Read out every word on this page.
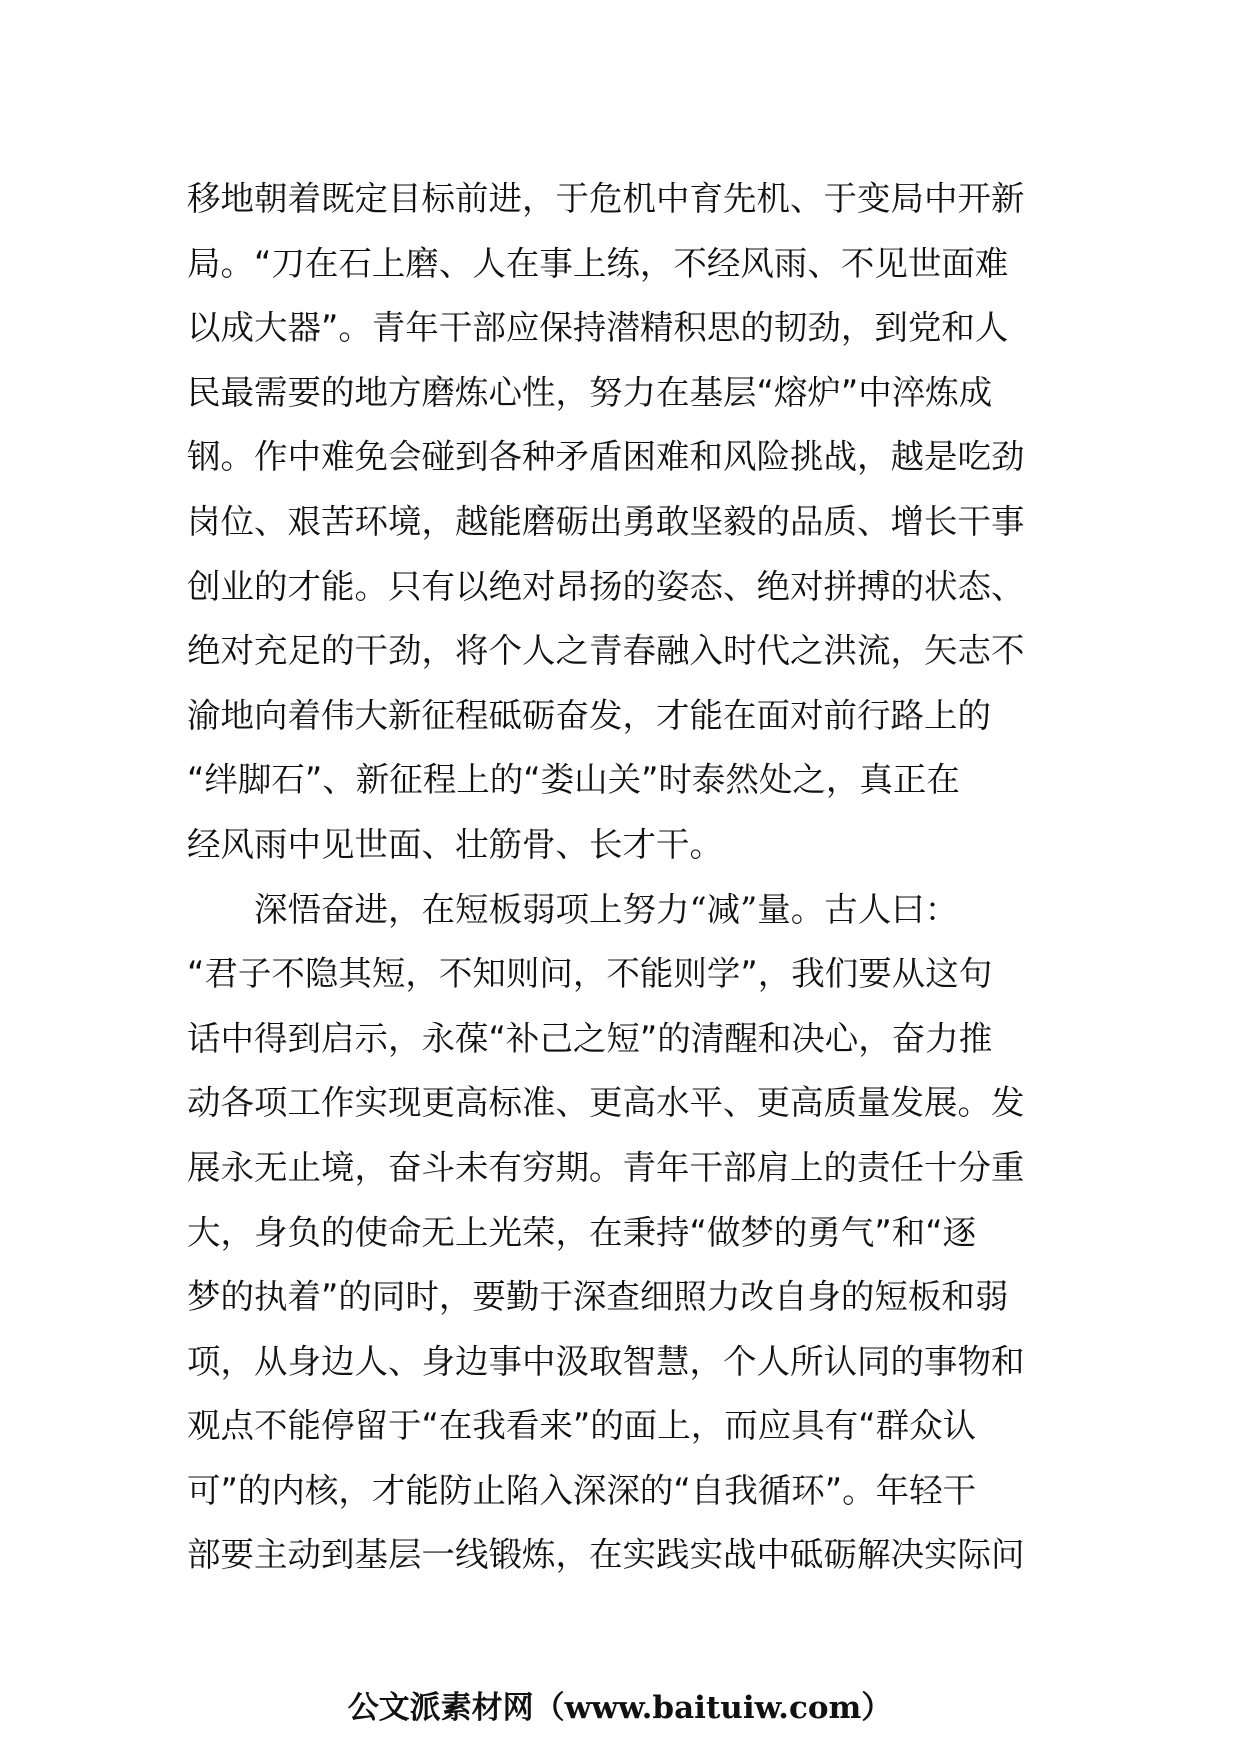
移地朝着既定目标前进，于危机中育先机、于变局中开新
局。“刀在石上磨、人在事上练，不经风雨、不见世面难
以成大器”。青年干部应保持潜精积思的韧劲，到党和人
民最需要的地方磨炼心性，努力在基层“熔炉”中淬炼成
钢。作中难免会碰到各种矛盾困难和风险挑战，越是吃劲
岗位、艰苦环境，越能磨砺出勇敢坚毅的品质、增长干事
创业的才能。只有以绝对昂扬的姿态、绝对拼搏的状态、
绝对充足的干劲，将个人之青春融入时代之洪流，矢志不
渝地向着伟大新征程砥砺奋发，才能在面对前行路上的
“绊脚石”、新征程上的“娄山关”时泰然处之，真正在
经风雨中见世面、壮筋骨、长才干。
深悟奋进，在短板弱项上努力“减”量。古人曰：
“君子不隐其短，不知则问，不能则学”，我们要从这句
话中得到启示，永葆“补己之短”的清醒和决心，奋力推
动各项工作实现更高标准、更高水平、更高质量发展。发
展永无止境，奋斗未有穷期。青年干部肩上的责任十分重
大，身负的使命无上光荣，在秉持“做梦的勇气”和“逐
梦的执着”的同时，要勤于深查细照力改自身的短板和弱
项，从身边人、身边事中汲取智慧，个人所认同的事物和
观点不能停留于“在我看来”的面上，而应具有“群众认
可”的内核，才能防止陷入深深的“自我循环”。年轻干
部要主动到基层一线锻炼，在实践实战中砥砺解决实际问
公文派素材网（www.baituiw.com）
